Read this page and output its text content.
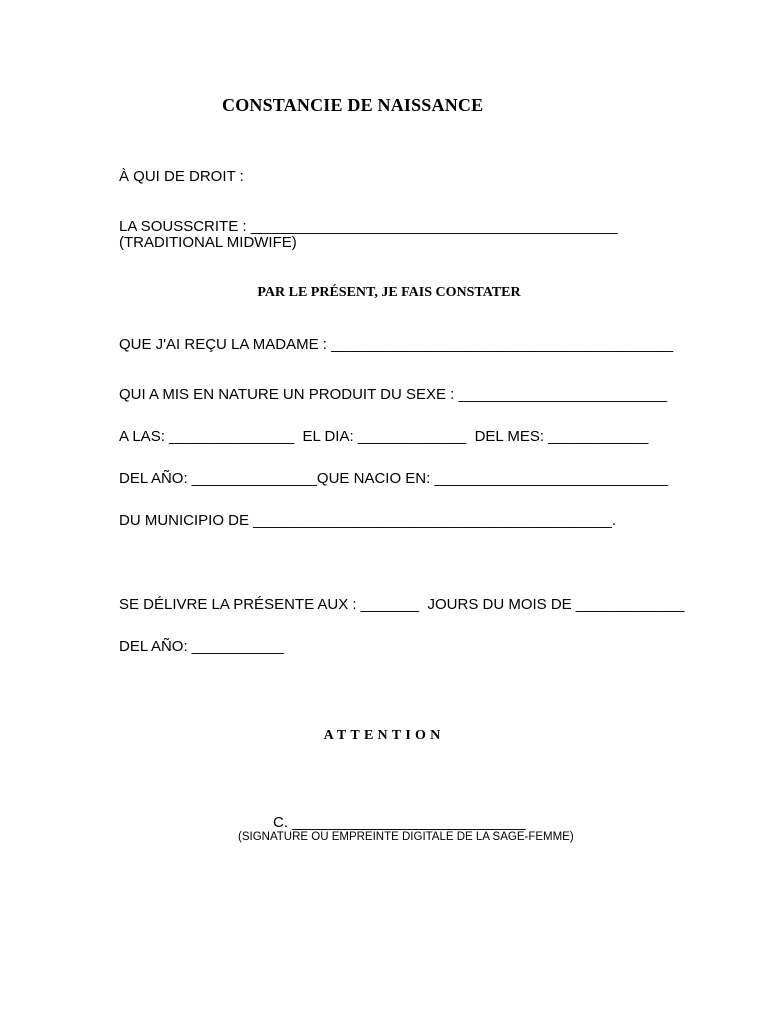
CONSTANCIE DE NAISSANCE
À QUI DE DROIT :
LA SOUSSCRITE : ____________________________________________
(TRADITIONAL MIDWIFE)
PAR LE PRÉSENT, JE FAIS CONSTATER
QUE J'AI REÇU LA MADAME : _________________________________________
QUI A MIS EN NATURE UN PRODUIT DU SEXE : _________________________
A LAS: _______________  EL DIA: _____________  DEL MES: ____________
DEL AÑO: _______________QUE NACIO EN: ____________________________
DU MUNICIPIO DE ___________________________________________.
SE DÉLIVRE LA PRÉSENTE AUX : _______  JOURS DU MOIS DE _____________
DEL AÑO: ___________
ATTENTION
C. ____________________________
(SIGNATURE OU EMPREINTE DIGITALE DE LA SAGE-FEMME)
